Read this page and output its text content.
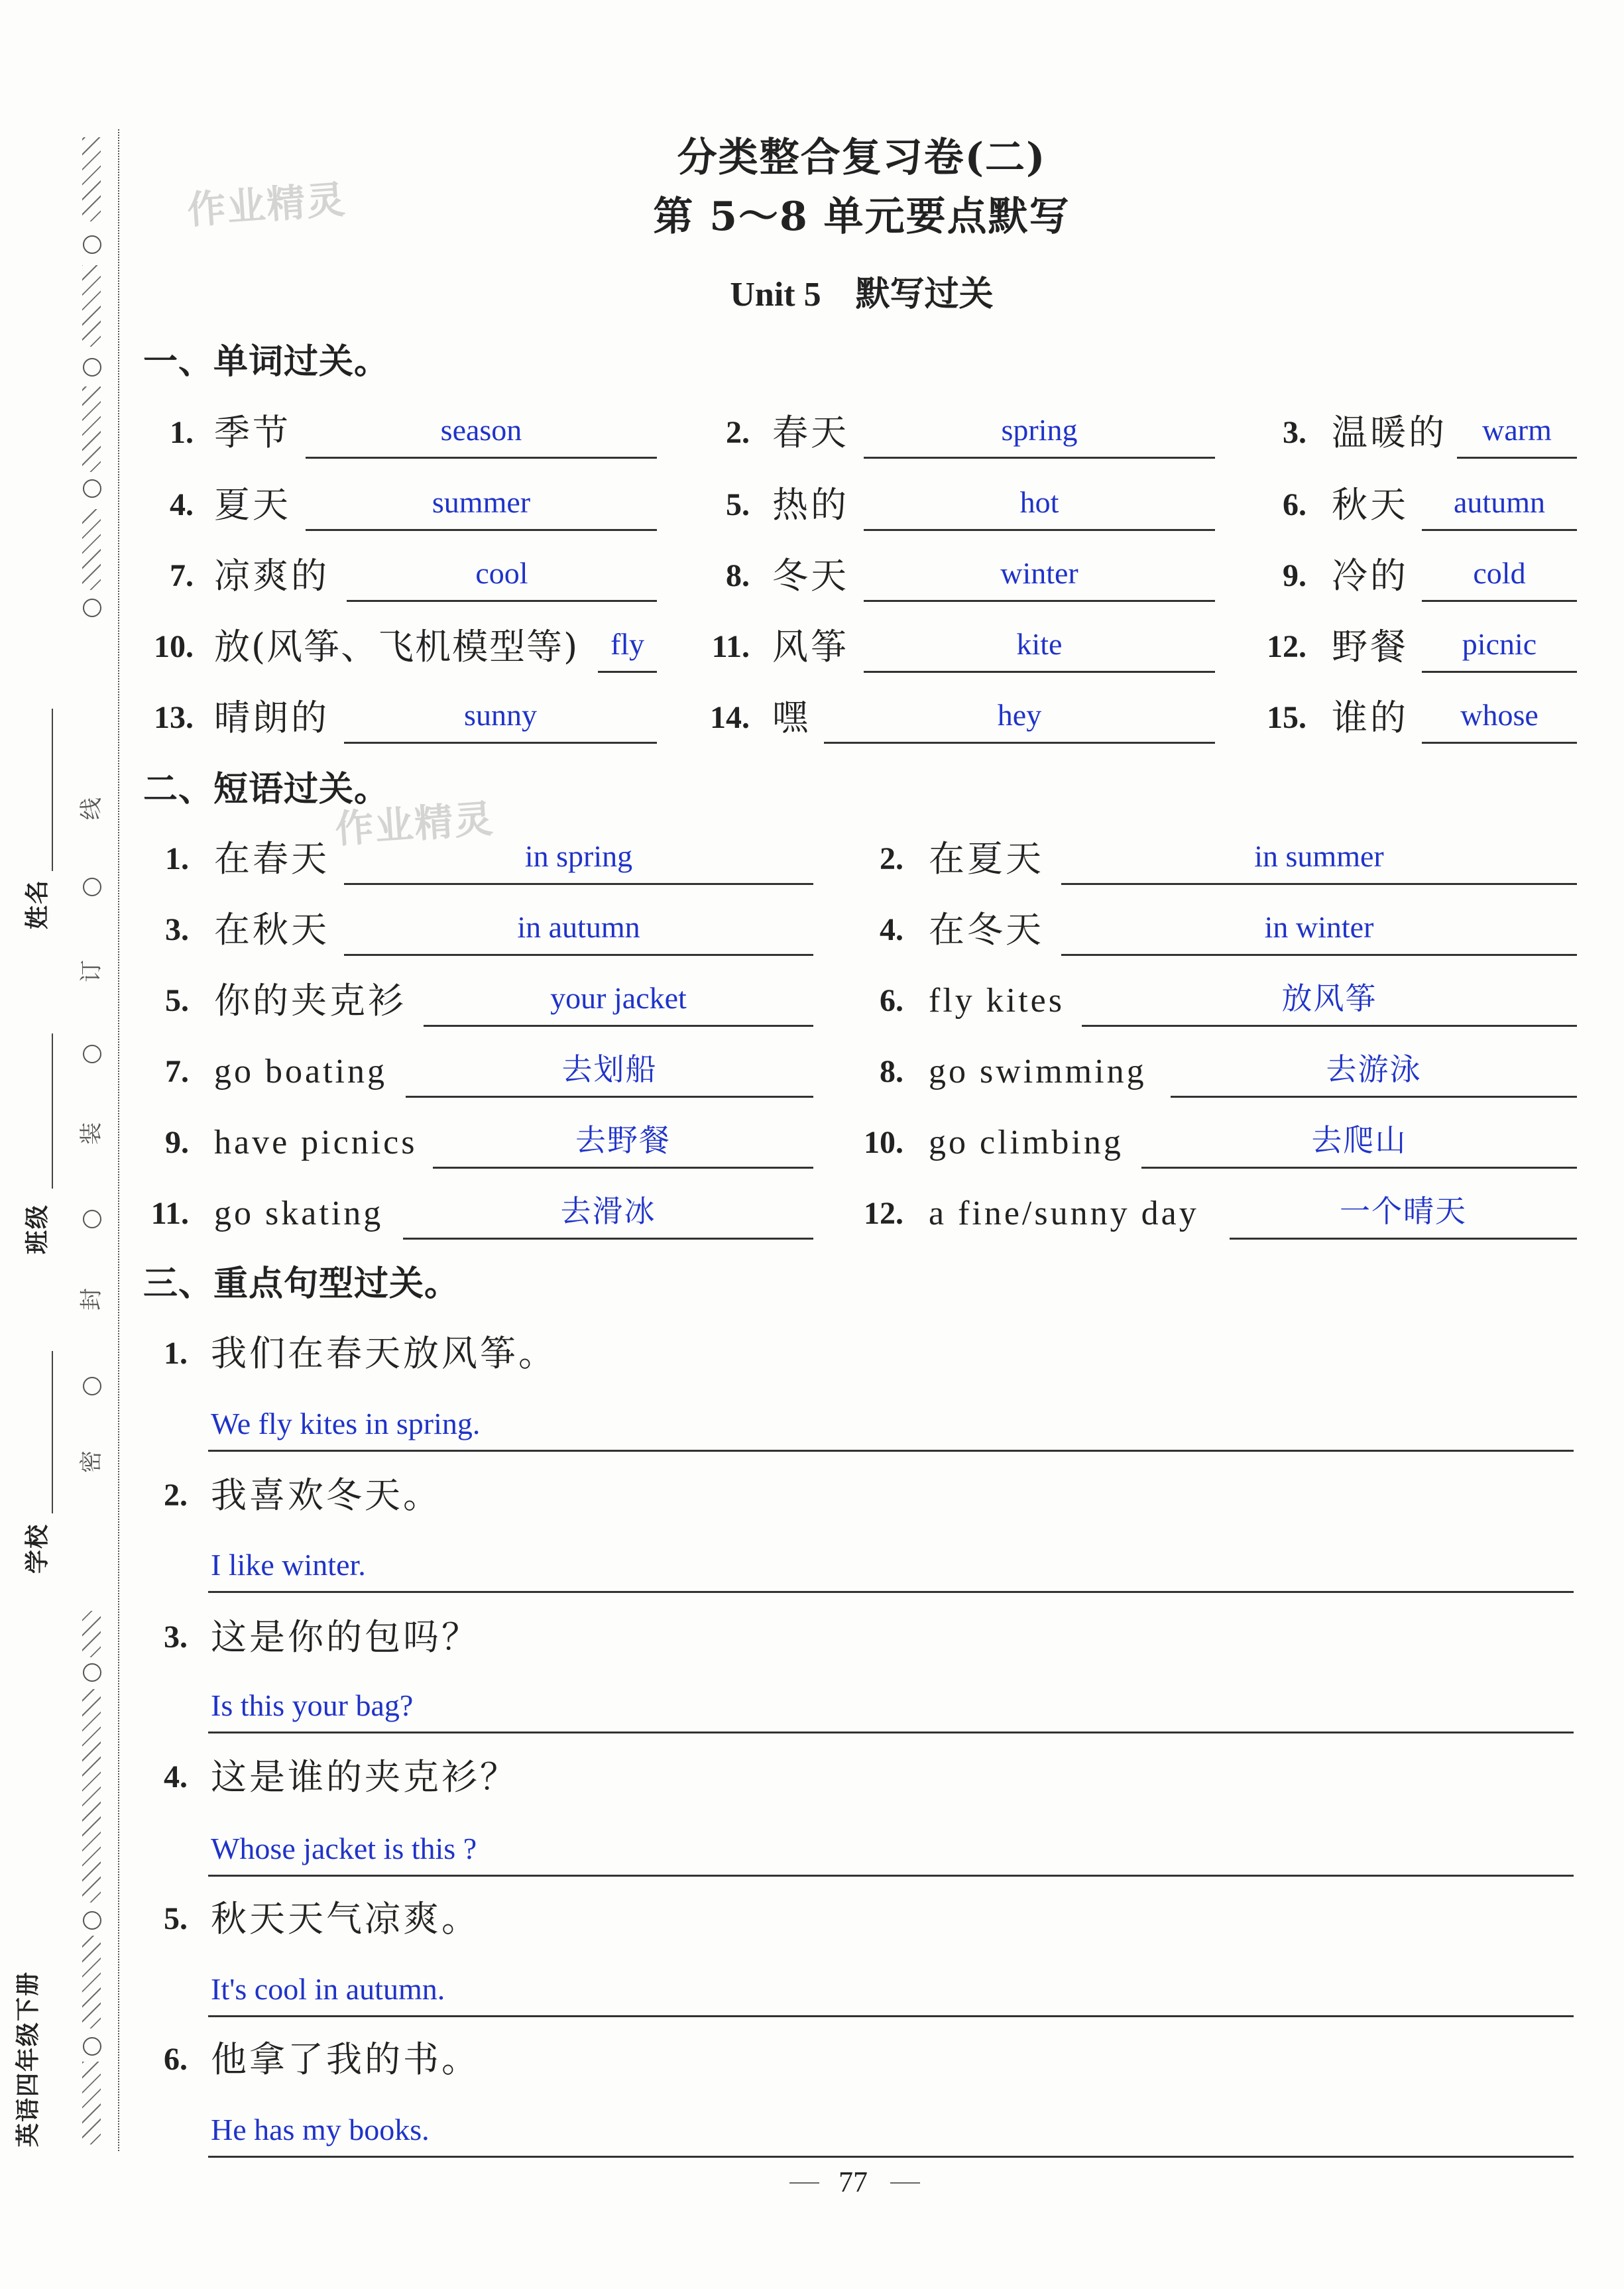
线
订
装
封
密
姓名
班级
学校
英语四年级下册
作业精灵
作业精灵
分类整合复习卷(二)
第 5～8 单元要点默写
Unit 5　默写过关
一、单词过关。
1. 季节	season	2. 春天	spring	3. 温暖的	warm
4. 夏天	summer	5. 热的	hot	6. 秋天	autumn
7. 凉爽的	cool	8. 冬天	winter	9. 冷的	cold
10. 放(风筝、飞机模型等)	fly	11. 风筝	kite	12. 野餐	picnic
13. 晴朗的	sunny	14. 嘿	hey	15. 谁的	whose
二、短语过关。
1. 在春天	in spring	2. 在夏天	in summer
3. 在秋天	in autumn	4. 在冬天	in winter
5. 你的夹克衫	your jacket	6. fly kites	放风筝
7. go boating	去划船	8. go swimming	去游泳
9. have picnics	去野餐	10. go climbing	去爬山
11. go skating	去滑冰	12. a fine/sunny day	一个晴天
三、重点句型过关。
1. 我们在春天放风筝。
We fly kites in spring.
2. 我喜欢冬天。
I like winter.
3. 这是你的包吗？
Is this your bag?
4. 这是谁的夹克衫？
Whose jacket is this ?
5. 秋天天气凉爽。
It's cool in autumn.
6. 他拿了我的书。
He has my books.
77
